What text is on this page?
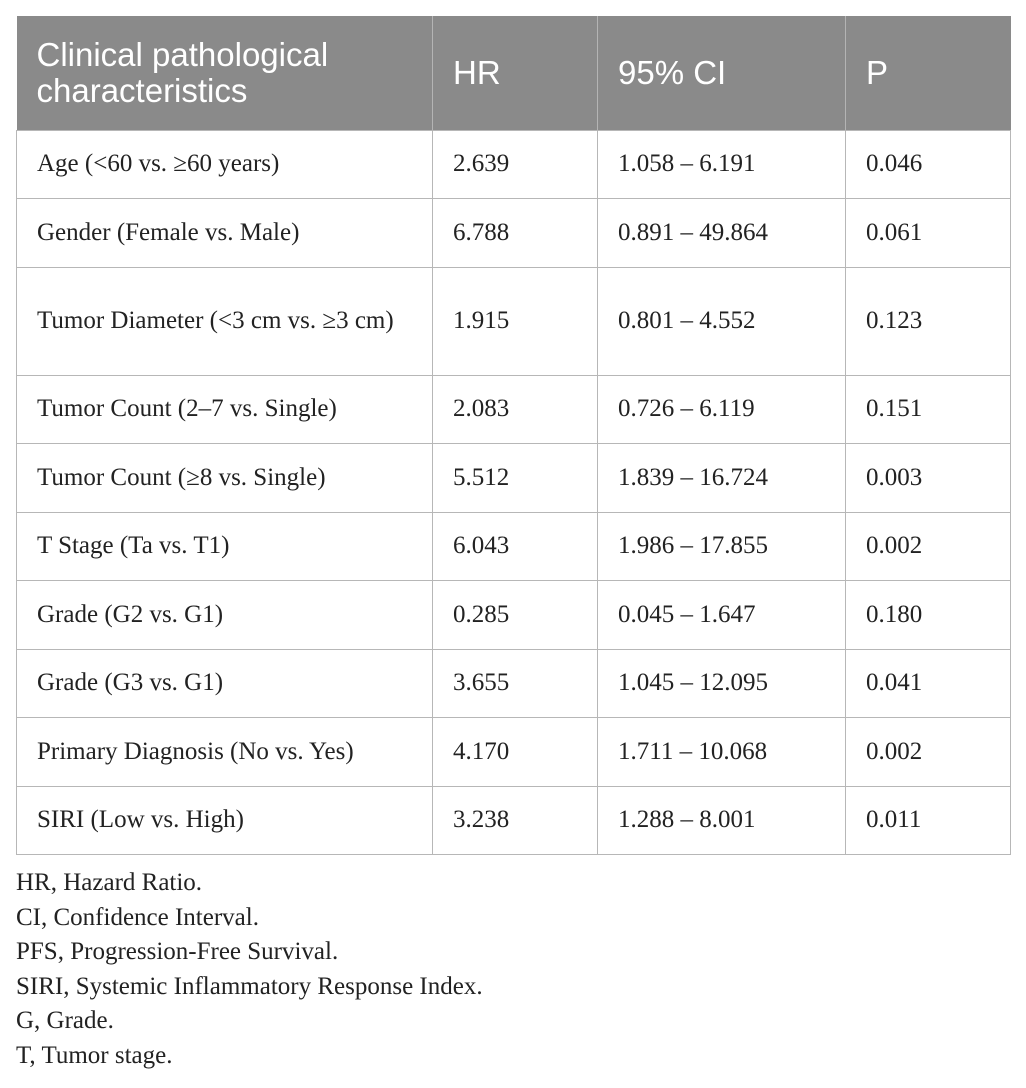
Clinical pathological characteristics	HR	95% CI	P
Age (<60 vs. ≥60 years)	2.639	1.058 – 6.191	0.046
Gender (Female vs. Male)	6.788	0.891 – 49.864	0.061
Tumor Diameter (<3 cm vs. ≥3 cm)	1.915	0.801 – 4.552	0.123
Tumor Count (2–7 vs. Single)	2.083	0.726 – 6.119	0.151
Tumor Count (≥8 vs. Single)	5.512	1.839 – 16.724	0.003
T Stage (Ta vs. T1)	6.043	1.986 – 17.855	0.002
Grade (G2 vs. G1)	0.285	0.045 – 1.647	0.180
Grade (G3 vs. G1)	3.655	1.045 – 12.095	0.041
Primary Diagnosis (No vs. Yes)	4.170	1.711 – 10.068	0.002
SIRI (Low vs. High)	3.238	1.288 – 8.001	0.011
HR, Hazard Ratio.
CI, Confidence Interval.
PFS, Progression-Free Survival.
SIRI, Systemic Inflammatory Response Index.
G, Grade.
T, Tumor stage.
